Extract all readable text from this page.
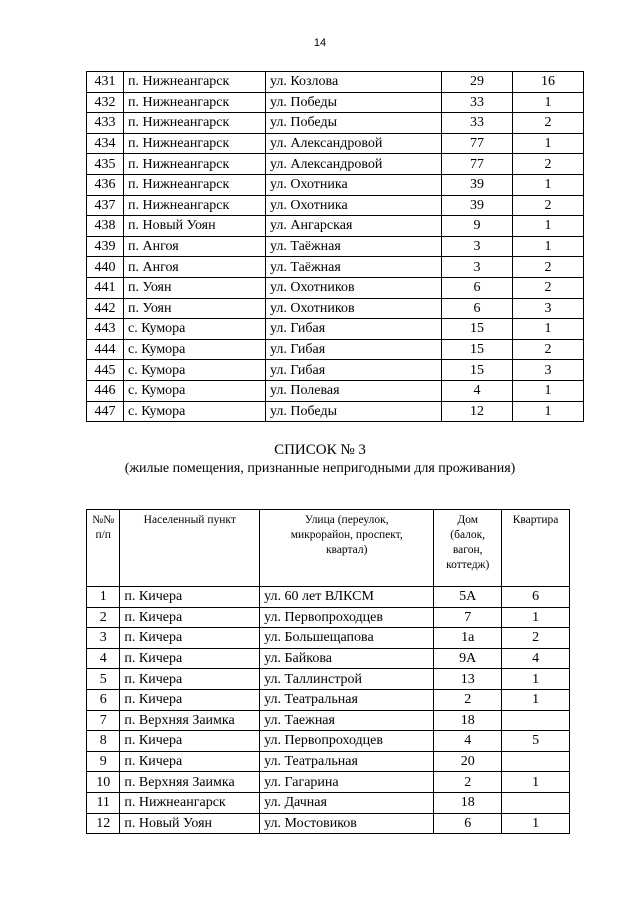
14
431	п. Нижнеангарск	ул. Козлова	29	16
432	п. Нижнеангарск	ул. Победы	33	1
433	п. Нижнеангарск	ул. Победы	33	2
434	п. Нижнеангарск	ул. Александровой	77	1
435	п. Нижнеангарск	ул. Александровой	77	2
436	п. Нижнеангарск	ул. Охотника	39	1
437	п. Нижнеангарск	ул. Охотника	39	2
438	п. Новый Уоян	ул. Ангарская	9	1
439	п. Ангоя	ул. Таёжная	3	1
440	п. Ангоя	ул. Таёжная	3	2
441	п. Уоян	ул. Охотников	6	2
442	п. Уоян	ул. Охотников	6	3
443	с. Кумора	ул. Гибая	15	1
444	с. Кумора	ул. Гибая	15	2
445	с. Кумора	ул. Гибая	15	3
446	с. Кумора	ул. Полевая	4	1
447	с. Кумора	ул. Победы	12	1
СПИСОК № 3
(жилые помещения, признанные непригодными для проживания)
№№
п/п	Населенный пункт	Улица (переулок,
микрорайон, проспект,
квартал)	Дом
(балок,
вагон,
коттедж)	Квартира

1	п. Кичера	ул. 60 лет ВЛКСМ	5А	6
2	п. Кичера	ул. Первопроходцев	7	1
3	п. Кичера	ул. Большещапова	1а	2
4	п. Кичера	ул. Байкова	9А	4
5	п. Кичера	ул. Таллинстрой	13	1
6	п. Кичера	ул. Театральная	2	1
7	п. Верхняя Заимка	ул. Таежная	18	
8	п. Кичера	ул. Первопроходцев	4	5
9	п. Кичера	ул. Театральная	20	
10	п. Верхняя Заимка	ул. Гагарина	2	1
11	п. Нижнеангарск	ул. Дачная	18	
12	п. Новый Уоян	ул. Мостовиков	6	1
